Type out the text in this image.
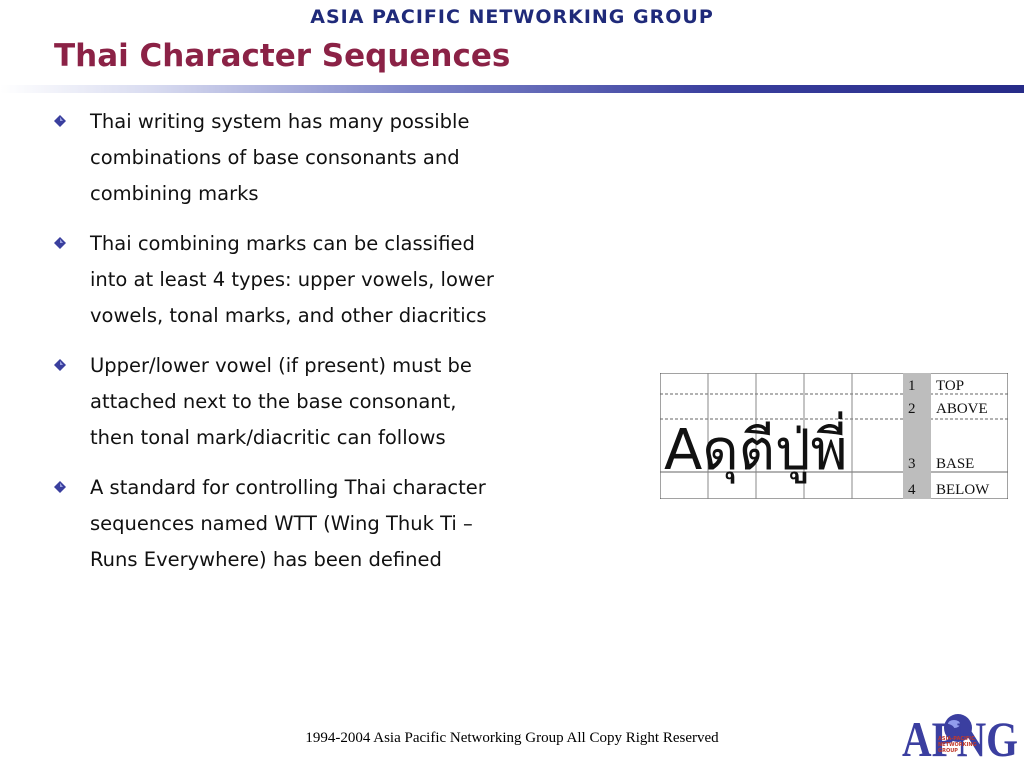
ASIA PACIFIC NETWORKING GROUP
Thai Character Sequences
Thai writing system has many possible combinations of base consonants and combining marks
Thai combining marks can be classified into at least 4 types: upper vowels, lower vowels, tonal marks, and other diacritics
Upper/lower vowel (if present) must be attached next to the base consonant, then tonal mark/diacritic can follows
A standard for controlling Thai character sequences named WTT (Wing Thuk Ti – Runs Everywhere) has been defined
Aดุตีปู่พี่
1 TOP
2 ABOVE
3 BASE
4 BELOW
1994-2004 Asia Pacific Networking Group All Copy Right Reserved	APNG
ASIA-PACIFIC
NETWORKING
GROUP
